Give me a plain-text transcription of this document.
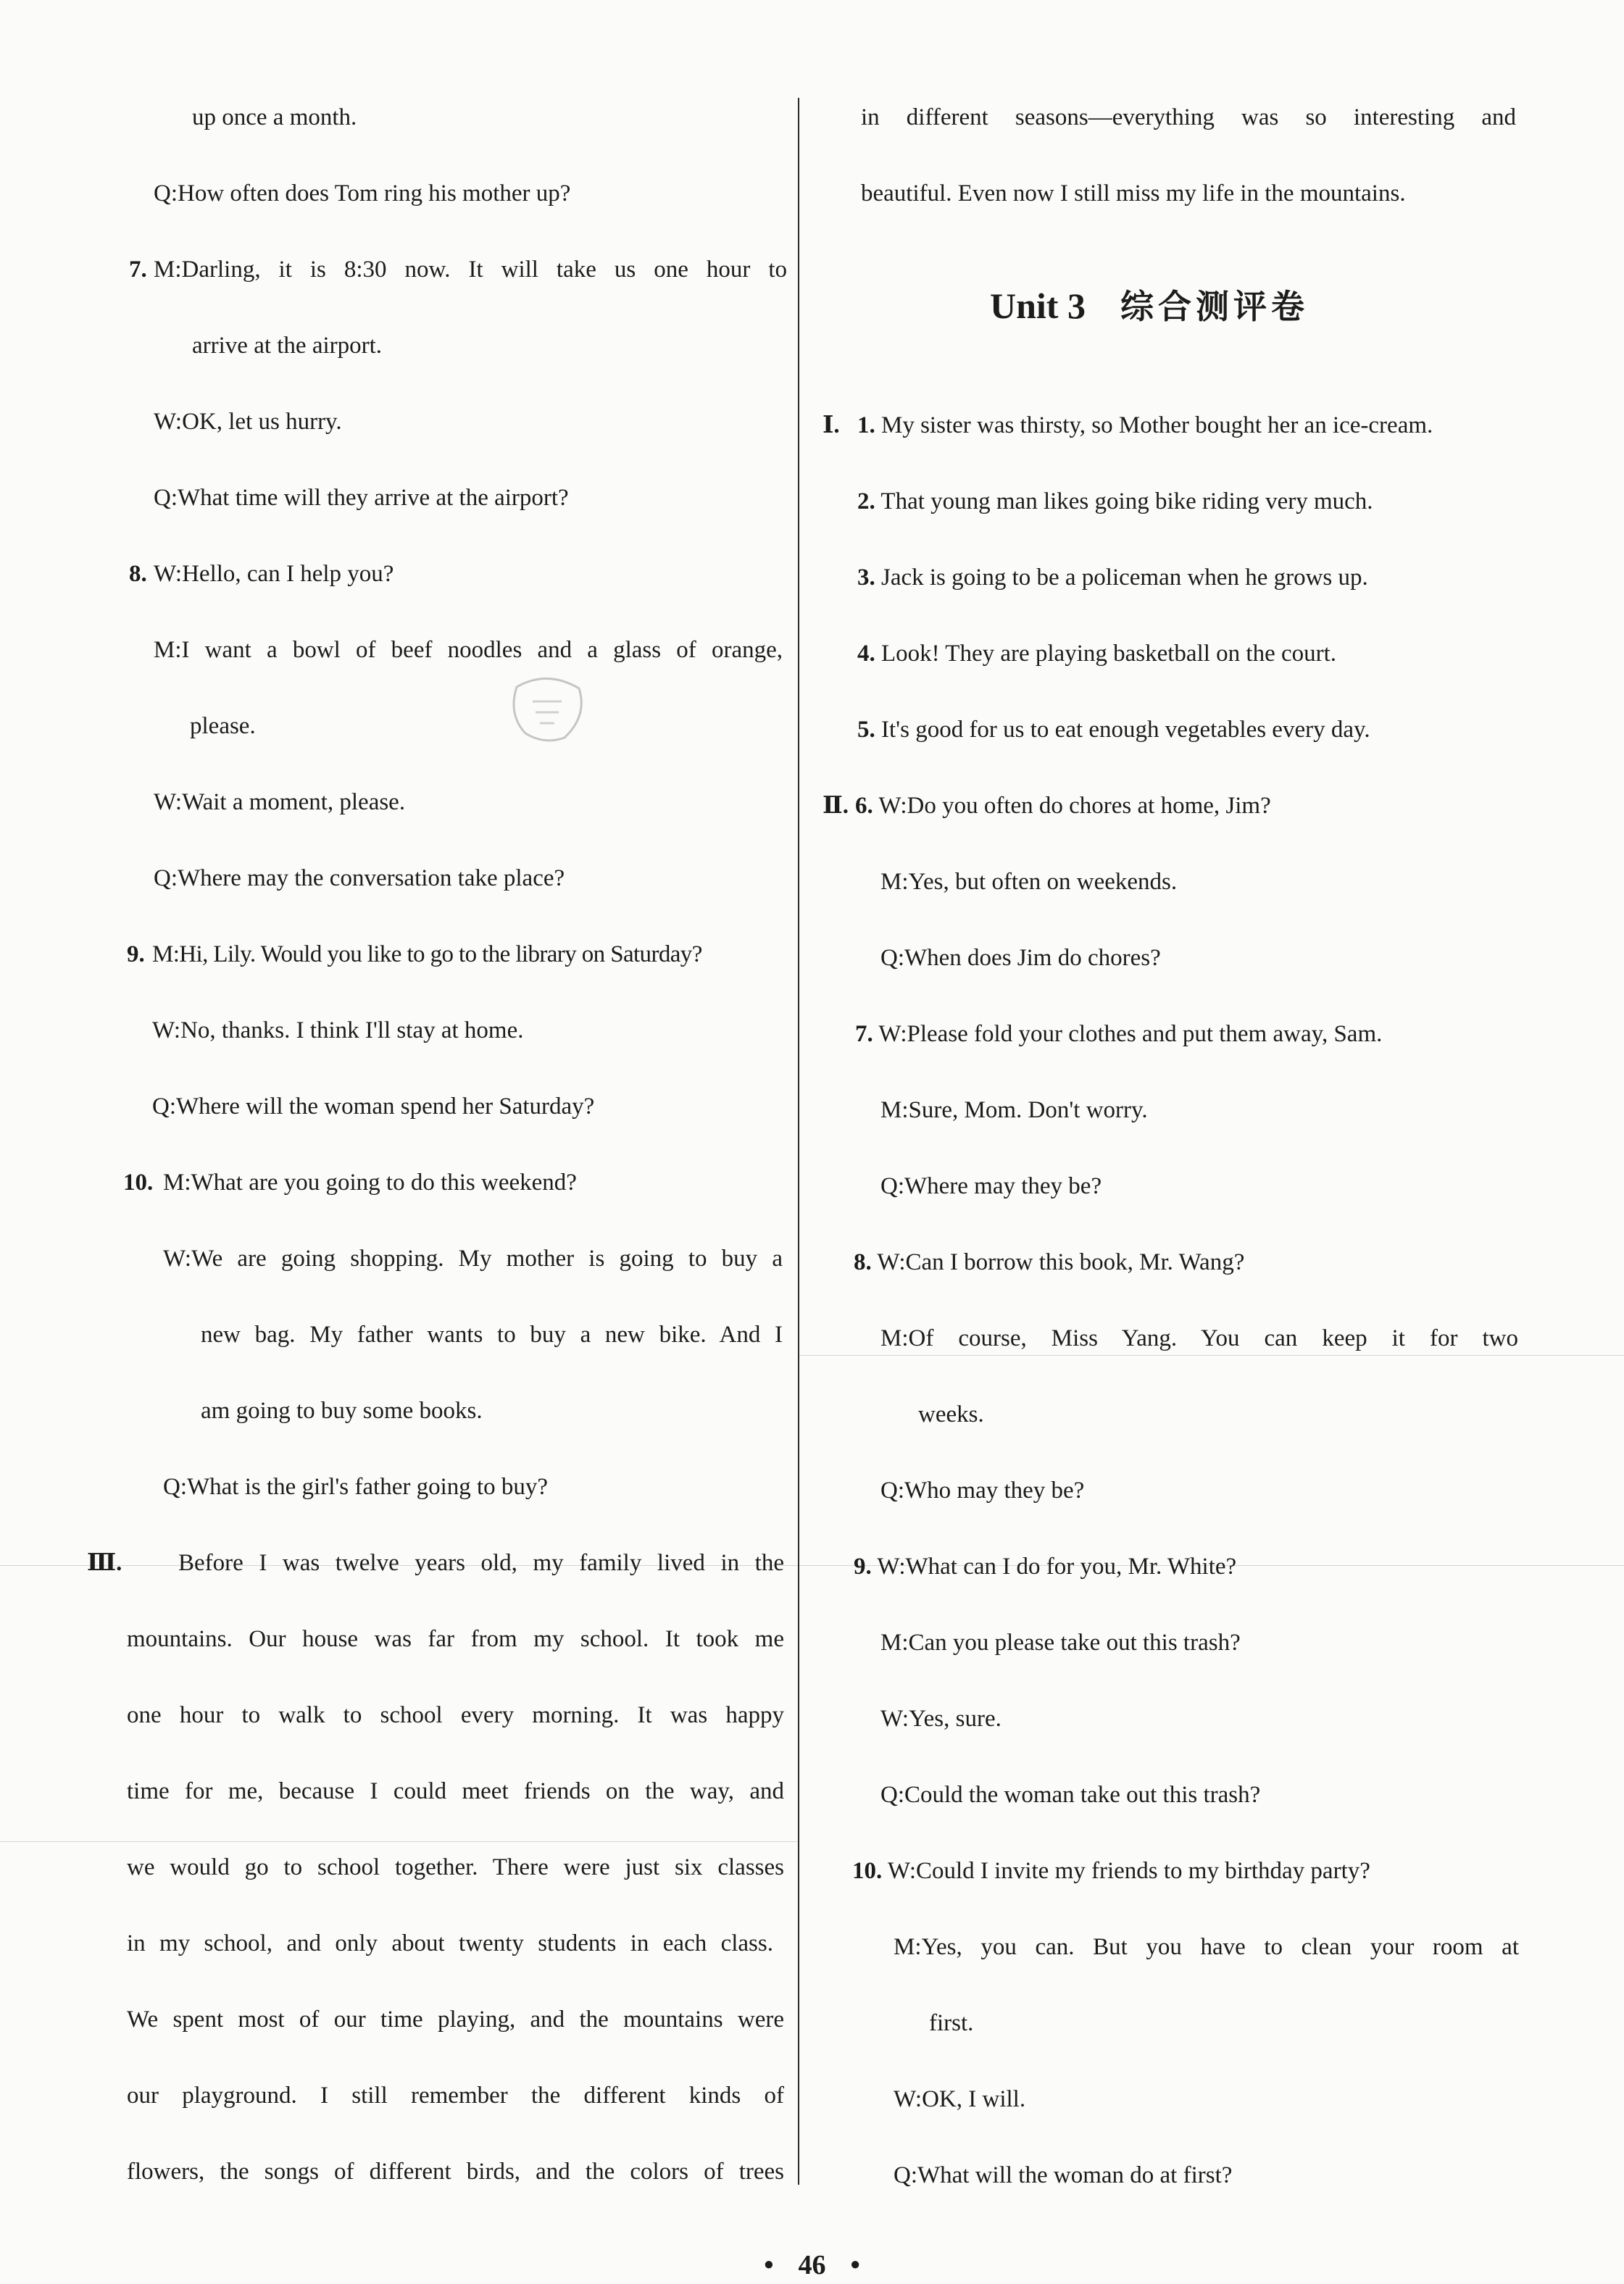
up once a month.
Q:How often does Tom ring his mother up?
7. M:Darling, it is 8:30 now. It will take us one hour to
arrive at the airport.
W:OK, let us hurry.
Q:What time will they arrive at the airport?
8. W:Hello, can I help you?
M:I want a bowl of beef noodles and a glass of orange,
please.
W:Wait a moment, please.
Q:Where may the conversation take place?
9. M:Hi, Lily. Would you like to go to the library on Saturday?
W:No, thanks. I think I'll stay at home.
Q:Where will the woman spend her Saturday?
10. M:What are you going to do this weekend?
W:We are going shopping. My mother is going to buy a
new bag. My father wants to buy a new bike. And I
am going to buy some books.
Q:What is the girl's father going to buy?
Ⅲ. Before I was twelve years old, my family lived in the
mountains. Our house was far from my school. It took me
one hour to walk to school every morning. It was happy
time for me, because I could meet friends on the way, and
we would go to school together. There were just six classes
in my school, and only about twenty students in each class.
We spent most of our time playing, and the mountains were
our playground. I still remember the different kinds of
flowers, the songs of different birds, and the colors of trees
in different seasons—everything was so interesting and
beautiful. Even now I still miss my life in the mountains.
Unit 3 综合测评卷
Ⅰ. 1. My sister was thirsty, so Mother bought her an ice-cream.
2. That young man likes going bike riding very much.
3. Jack is going to be a policeman when he grows up.
4. Look! They are playing basketball on the court.
5. It's good for us to eat enough vegetables every day.
Ⅱ. 6. W:Do you often do chores at home, Jim?
M:Yes, but often on weekends.
Q:When does Jim do chores?
7. W:Please fold your clothes and put them away, Sam.
M:Sure, Mom. Don't worry.
Q:Where may they be?
8. W:Can I borrow this book, Mr. Wang?
M:Of course, Miss Yang. You can keep it for two
weeks.
Q:Who may they be?
9. W:What can I do for you, Mr. White?
M:Can you please take out this trash?
W:Yes, sure.
Q:Could the woman take out this trash?
10. W:Could I invite my friends to my birthday party?
M:Yes, you can. But you have to clean your room at
first.
W:OK, I will.
Q:What will the woman do at first?
• 46 •
